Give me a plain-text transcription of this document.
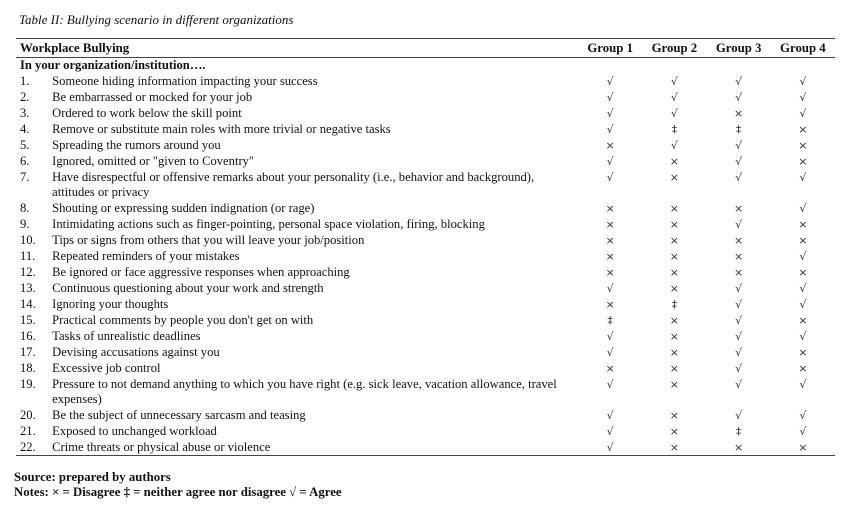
Table II: Bullying scenario in different organizations
Workplace Bullying		Group 1	Group 2	Group 3	Group 4
In your organization/institution….					
1.	Someone hiding information impacting your success	√	√	√	√
2.	Be embarrassed or mocked for your job	√	√	√	√
3.	Ordered to work below the skill point	√	√	×	√
4.	Remove or substitute main roles with more trivial or negative tasks	√	‡	‡	×
5.	Spreading the rumors around you	×	√	√	×
6.	Ignored, omitted or "given to Coventry"	√	×	√	×
7.	Have disrespectful or offensive remarks about your personality (i.e., behavior and background), attitudes or privacy	√	×	√	√
8.	Shouting or expressing sudden indignation (or rage)	×	×	×	√
9.	Intimidating actions such as finger-pointing, personal space violation, firing, blocking	×	×	√	×
10.	Tips or signs from others that you will leave your job/position	×	×	×	×
11.	Repeated reminders of your mistakes	×	×	×	√
12.	Be ignored or face aggressive responses when approaching	×	×	×	×
13.	Continuous questioning about your work and strength	√	×	√	√
14.	Ignoring your thoughts	×	‡	√	√
15.	Practical comments by people you don't get on with	‡	×	√	×
16.	Tasks of unrealistic deadlines	√	×	√	√
17.	Devising accusations against you	√	×	√	×
18.	Excessive job control	×	×	√	×
19.	Pressure to not demand anything to which you have right (e.g. sick leave, vacation allowance, travel expenses)	√	×	√	√
20.	Be the subject of unnecessary sarcasm and teasing	√	×	√	√
21.	Exposed to unchanged workload	√	×	‡	√
22.	Crime threats or physical abuse or violence	√	×	×	×
Source: prepared by authors
Notes: × = Disagree ‡ = neither agree nor disagree √ = Agree
